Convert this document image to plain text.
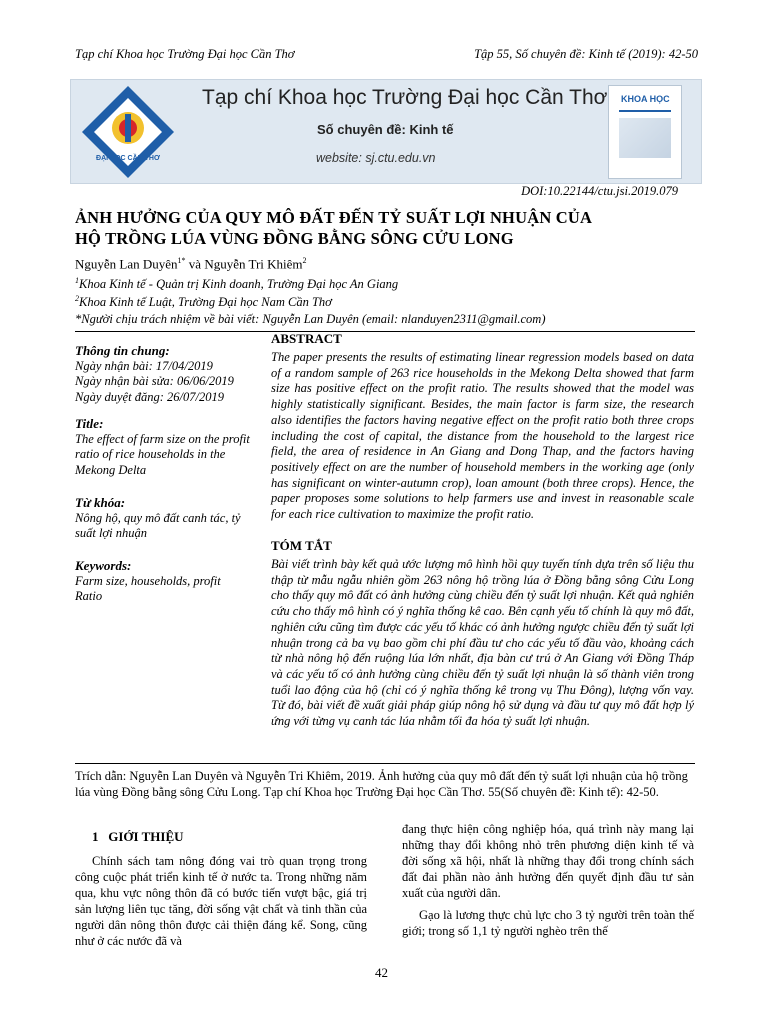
Tạp chí Khoa học Trường Đại học Cần Thơ	Tập 55, Số chuyên đề: Kinh tế (2019): 42-50
ĐẠI HỌC CẦN THƠ
Tạp chí Khoa học Trường Đại học Cần Thơ
Số chuyên đề: Kinh tế
website: sj.ctu.edu.vn
KHOA HỌC
DOI:10.22144/ctu.jsi.2019.079
ẢNH HƯỞNG CỦA QUY MÔ ĐẤT ĐẾN TỶ SUẤT LỢI NHUẬN CỦA
HỘ TRỒNG LÚA VÙNG ĐỒNG BẰNG SÔNG CỬU LONG
Nguyễn Lan Duyên$^{1*}$ và Nguyễn Tri Khiêm$^2$
$^1$Khoa Kinh tế - Quản trị Kinh doanh, Trường Đại học An Giang
$^2$Khoa Kinh tế Luật, Trường Đại học Nam Cần Thơ
*Người chịu trách nhiệm về bài viết: Nguyễn Lan Duyên (email: nlanduyen2311@gmail.com)
Thông tin chung:
Ngày nhận bài: 17/04/2019
Ngày nhận bài sửa: 06/06/2019
Ngày duyệt đăng: 26/07/2019
Title:
The effect of farm size on the profit ratio of rice households in the Mekong Delta
Từ khóa:
Nông hộ, quy mô đất canh tác, tỷ suất lợi nhuận
Keywords:
Farm size, households, profit Ratio
ABSTRACT
The paper presents the results of estimating linear regression models based on data of a random sample of 263 rice households in the Mekong Delta showed that farm size has positive effect on the profit ratio. The results showed that the model was highly statistically significant. Besides, the main factor is farm size, the research also identifies the factors having negative effect on the profit ratio both three crops including the cost of capital, the distance from the household to the largest rice field, the area of residence in An Giang and Dong Thap, and the factors having positively effect on are the number of household members in the working age (only has significant on winter-autumn crop), loan amount (both three crops). Hence, the paper proposes some solutions to help farmers use and invest in reasonable scale for each rice cultivation to maximize the profit ratio.
TÓM TẮT
Bài viết trình bày kết quả ước lượng mô hình hồi quy tuyến tính dựa trên số liệu thu thập từ mẫu ngẫu nhiên gồm 263 nông hộ trồng lúa ở Đồng bằng sông Cửu Long cho thấy quy mô đất có ảnh hưởng cùng chiều đến tỷ suất lợi nhuận. Kết quả nghiên cứu cho thấy mô hình có ý nghĩa thống kê cao. Bên cạnh yếu tố chính là quy mô đất, nghiên cứu cũng tìm được các yếu tố khác có ảnh hưởng ngược chiều đến tỷ suất lợi nhuận trong cả ba vụ bao gồm chi phí đầu tư cho các yếu tố đầu vào, khoảng cách từ nhà nông hộ đến ruộng lúa lớn nhất, địa bàn cư trú ở An Giang với Đồng Tháp và các yếu tố có ảnh hưởng cùng chiều đến tỷ suất lợi nhuận là số thành viên trong tuổi lao động của hộ (chỉ có ý nghĩa thống kê trong vụ Thu Đông), lượng vốn vay. Từ đó, bài viết đề xuất giải pháp giúp nông hộ sử dụng và đầu tư quy mô đất hợp lý ứng với từng vụ canh tác lúa nhằm tối đa hóa tỷ suất lợi nhuận.
Trích dẫn: Nguyễn Lan Duyên và Nguyễn Tri Khiêm, 2019. Ảnh hưởng của quy mô đất đến tỷ suất lợi nhuận của hộ trồng lúa vùng Đồng bằng sông Cửu Long. Tạp chí Khoa học Trường Đại học Cần Thơ. 55(Số chuyên đề: Kinh tế): 42-50.
1   GIỚI THIỆU
Chính sách tam nông đóng vai trò quan trọng trong công cuộc phát triển kinh tế ở nước ta. Trong những năm qua, khu vực nông thôn đã có bước tiến vượt bậc, giá trị sản lượng liên tục tăng, đời sống vật chất và tinh thần của người dân nông thôn được cải thiện đáng kể. Song, cũng như ở các nước đã và
đang thực hiện công nghiệp hóa, quá trình này mang lại những thay đổi không nhỏ trên phương diện kinh tế và đời sống xã hội, nhất là những thay đổi trong chính sách đất đai phần nào ảnh hưởng đến quyết định đầu tư sản xuất của người dân.
Gạo là lương thực chủ lực cho 3 tỷ người trên toàn thế giới; trong số 1,1 tỷ người nghèo trên thế
42
